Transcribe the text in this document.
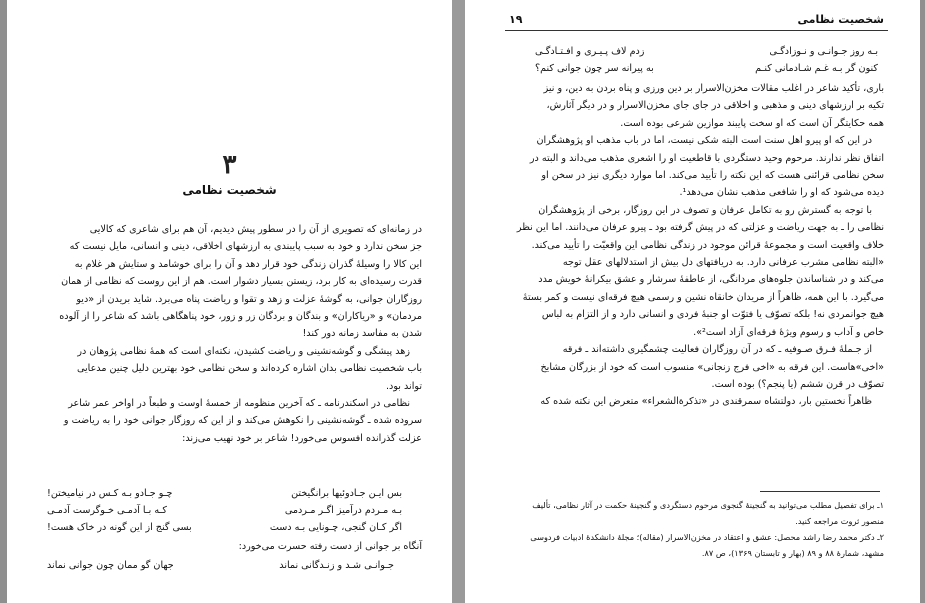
۳
شخصیت نظامی

در زمانه‌ای که تصویری از آن را در سطور پیش دیدیم، آن هم برای شاعری که کالایی

جز سخن ندارد و خود به سبب پایبندی به ارزشهای اخلاقی، دینی و انسانی، مایل نیست که

این کالا را وسیلهٔ گذران زندگی خود قرار دهد و آن را برای خوشامد و ستایش هر غلام به

قدرت رسیده‌ای به کار برد، زیستن بسیار دشوار است. هم از این روست که نظامی از همان

روزگاران جوانی، به گوشهٔ عزلت و زهد و تقوا و ریاضت پناه می‌برد. شاید بریدن از «دیو

مردمان» و «ریاکاران» و بندگان و بردگان زر و زور، خود پناهگاهی باشد که شاعر را از آلوده

شدن به مفاسد زمانه دور کند!

زهد پیشگی و گوشه‌نشینی و ریاضت کشیدن، نکته‌ای است که همهٔ نظامی پژوهان در

باب شخصیت نظامی بدان اشاره کرده‌اند و سخن نظامی خود بهترین دلیل چنین مدعایی

تواند بود.

نظامی در اسکندرنامه ـ که آخرین منظومه از خمسهٔ اوست و طبعاً در اواخر عمر شاعر

سروده شده ـ گوشه‌نشینی را نکوهش می‌کند و از این که روزگار جوانی خود را به ریاضت و

عزلت گذرانده افسوس می‌خورد! شاعر بر خود نهیب می‌زند:

بس ایـن جـادوئیها برانگیختن
چـو جـادو بـه کـس در نیامیختن!
بـه مـردم درآمیز اگـر مـردمی
کـه بـا آدمـی خـوگرست آدمـی
اگر کـان گنجی، چـونایی بـه دست
بسی گنج از این گونه در خاک هست!
آنگاه بر جوانی از دست رفته حسرت می‌خورد:
جـوانـی شـد و زنـدگانی نماند
جهان گو ممان چون جوانی نماند
۱۹	شخصیت نظامی
بـه روز جـوانـی و نـوزادگـی
زدم لاف پـیـری و افـتـادگـی
کنون گر بـه غـم شـادمانی کنـم
به پیرانه سر چون جوانی کنم؟

باری، تأکید شاعر در اغلب مقالات مخزن‌الاسرار بر دین ورزی و پناه بردن به دین، و نیز

تکیه بر ارزشهای دینی و مذهبی و اخلاقی در جای جای مخزن‌الاسرار و در دیگر آثارش،

همه حکایتگر آن است که او سخت پایبند موازین شرعی بوده است.

در این که او پیرو اهل سنت است البته شکی نیست، اما در باب مذهب او پژوهشگران

اتفاق نظر ندارند. مرحوم وحید دستگردی با قاطعیت او را اشعری مذهب می‌داند و البته در

سخن نظامی قرائنی هست که این نکته را تأیید می‌کند. اما موارد دیگری نیز در سخن او

دیده می‌شود که او را شافعی مذهب نشان می‌دهد¹.

با توجه به گسترش رو به تکامل عرفان و تصوف در این روزگار، برخی از پژوهشگران

نظامی را ـ به جهت ریاضت و عزلتی که در پیش گرفته بود ـ پیرو عرفان می‌دانند. اما این نظر

خلاف واقعیت است و مجموعهٔ قرائن موجود در زندگی نظامی این واقعیّت را تأیید می‌کند.

«البته نظامی مشرب عرفانی دارد. به دریافتهای دل بیش از استدلالهای عقل توجه

می‌کند و در شناساندن جلوه‌های مردانگی، از عاطفهٔ سرشار و عشق بیکرانهٔ خویش مدد

می‌گیرد. با این همه، ظاهراً از مریدان خانقاه نشین و رسمی هیچ فرقه‌ای نیست و کمر بستهٔ

هیچ جوانمردی نه! بلکه تصوّف یا فتوّت او جنبهٔ فردی و انسانی دارد و از التزام به لباس

خاص و آداب و رسوم ویژهٔ فرقه‌ای آزاد است²».

از جـملهٔ فـرق صـوفیه ـ که در آن روزگاران فعالیت چشمگیری داشته‌اند ـ فرقه

«اخی»هاست. این فرقه به «اخی فرج زنجانی» منسوب است که خود از بزرگان مشایخ

تصوّف در قرن ششم (یا پنجم؟) بوده است.

ظاهراً نخستین بار، دولتشاه سمرقندی در «تذکرةالشعراء» متعرض این نکته شده که

۱ـ برای تفصیل مطلب می‌توانید به گنجینهٔ گنجوی مرحوم دستگردی و گنجینهٔ حکمت در آثار نظامی، تألیف

منصور ثروت مراجعه کنید.

۲ـ دکتر محمد رضا راشد محصل: عشق و اعتقاد در مخزن‌الاسرار (مقاله)؛ مجلهٔ دانشکدهٔ ادبیات فردوسی

مشهد، شمارهٔ ۸۸ و ۸۹ (بهار و تابستان ۱۳۶۹)، ص ۸۷.
